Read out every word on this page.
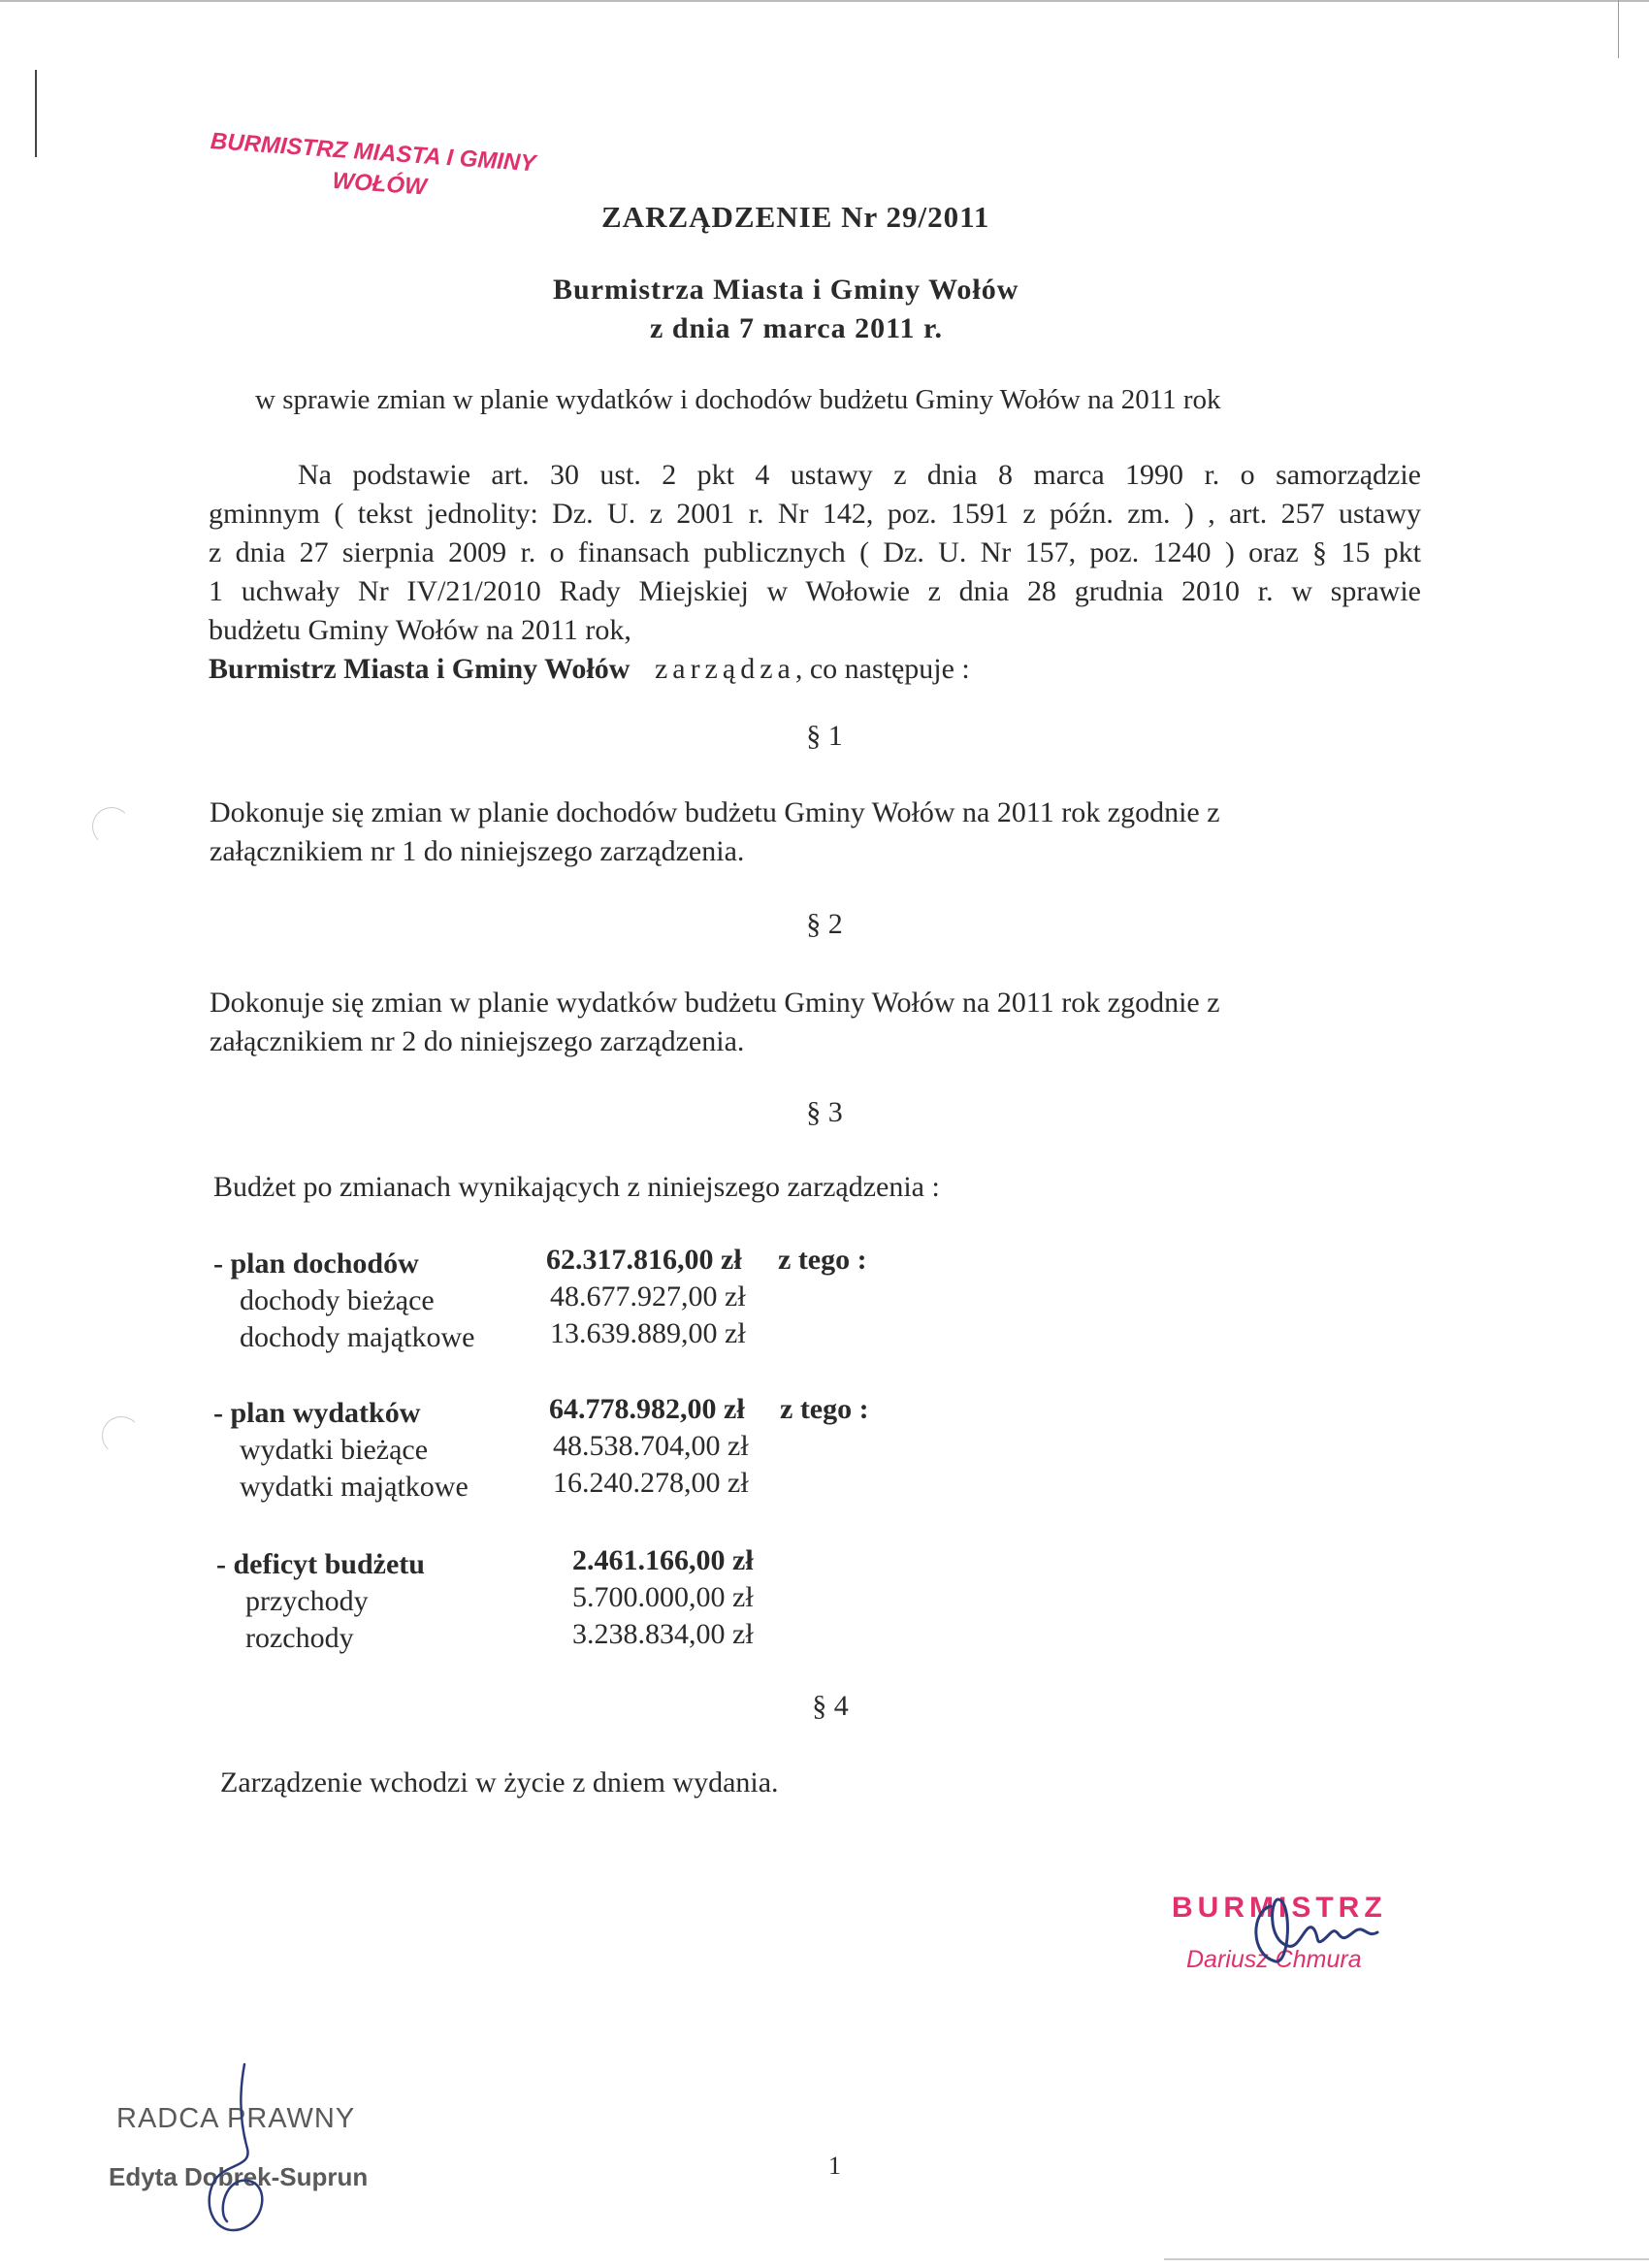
BURMISTRZ MIASTA I GMINY
WOŁÓW
ZARZĄDZENIE Nr 29/2011
Burmistrza Miasta i Gminy Wołów
z dnia 7 marca 2011 r.
w sprawie zmian w planie wydatków i dochodów budżetu Gminy Wołów na 2011 rok
Na podstawie art. 30 ust. 2 pkt 4 ustawy z dnia 8 marca 1990 r. o samorządzie
gminnym ( tekst jednolity: Dz. U. z 2001 r. Nr 142, poz. 1591 z późn. zm. ) , art. 257 ustawy
z dnia 27 sierpnia 2009 r. o finansach publicznych ( Dz. U. Nr 157, poz. 1240 ) oraz § 15 pkt
1 uchwały Nr IV/21/2010 Rady Miejskiej w Wołowie z dnia 28 grudnia 2010 r. w sprawie
budżetu Gminy Wołów na 2011 rok,
Burmistrz Miasta i Gminy Wołów zarządza, co następuje :
§ 1
Dokonuje się zmian w planie dochodów budżetu Gminy Wołów na 2011 rok zgodnie z
załącznikiem nr 1 do niniejszego zarządzenia.
§ 2
Dokonuje się zmian w planie wydatków budżetu Gminy Wołów na 2011 rok zgodnie z
załącznikiem nr 2 do niniejszego zarządzenia.
§ 3
Budżet po zmianach wynikających z niniejszego zarządzenia :
- plan dochodów	62.317.816,00 zł z tego :
dochody bieżące	48.677.927,00 zł
dochody majątkowe	13.639.889,00 zł
- plan wydatków	64.778.982,00 zł z tego :
wydatki bieżące	48.538.704,00 zł
wydatki majątkowe	16.240.278,00 zł
- deficyt budżetu	2.461.166,00 zł
przychody	5.700.000,00 zł
rozchody	3.238.834,00 zł
§ 4
Zarządzenie wchodzi w życie z dniem wydania.
BURMISTRZ
Dariusz Chmura
RADCA PRAWNY
Edyta Dobrek-Suprun	1
